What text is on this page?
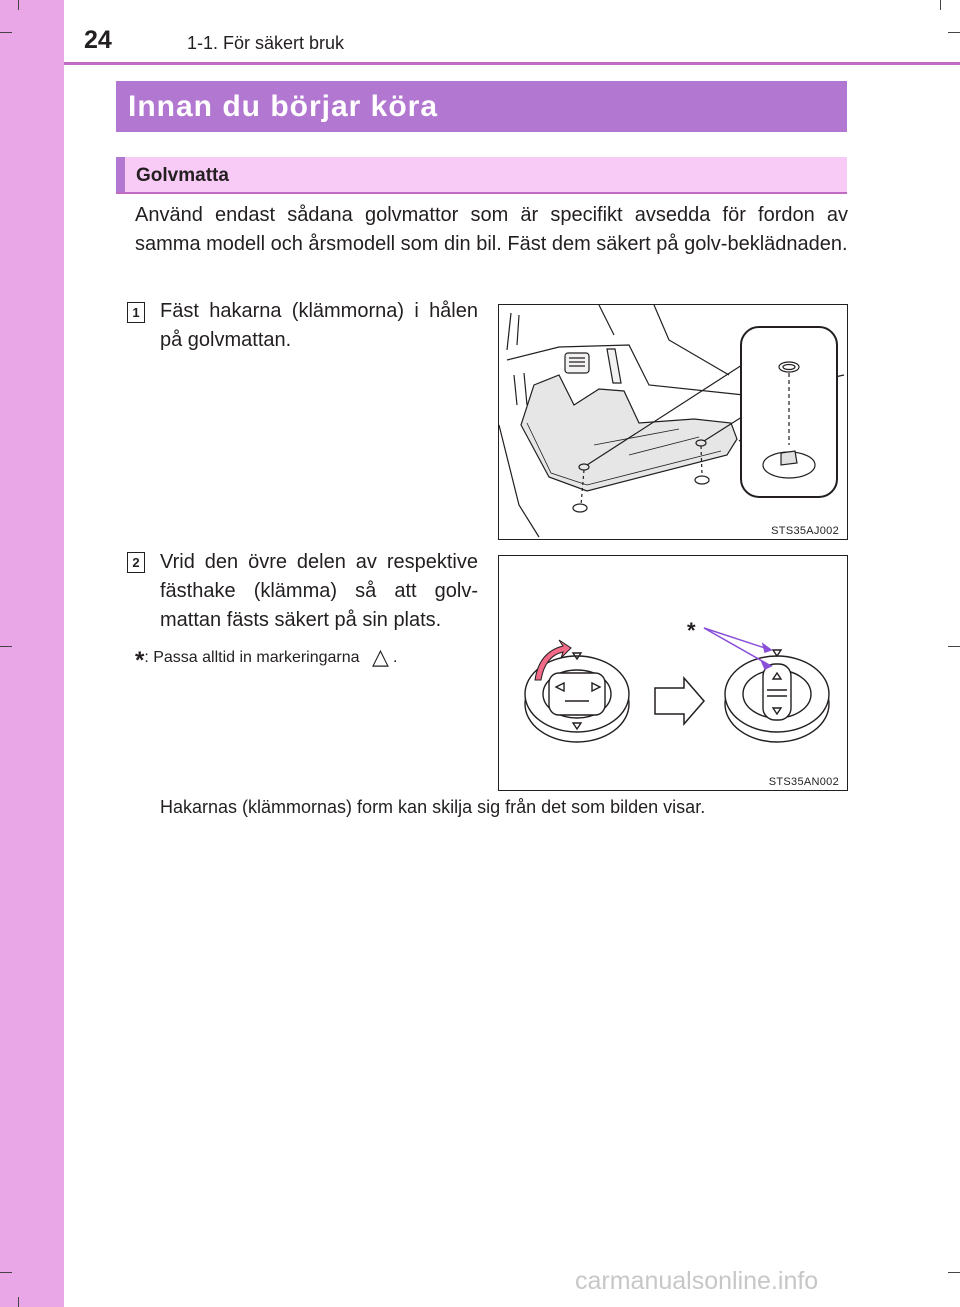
24	1-1. För säkert bruk
Innan du börjar köra
Golvmatta
Använd endast sådana golvmattor som är specifikt avsedda för fordon av samma modell och årsmodell som din bil. Fäst dem säkert på golv-beklädnaden.
1 Fäst hakarna (klämmorna) i hålen på golvmattan.
STS35AJ002
2 Vrid den övre delen av respektive fästhake (klämma) så att golv-mattan fästs säkert på sin plats.
*: Passa alltid in markeringarna △ .
*
STS35AN002
Hakarnas (klämmornas) form kan skilja sig från det som bilden visar.
carmanualsonline.info
